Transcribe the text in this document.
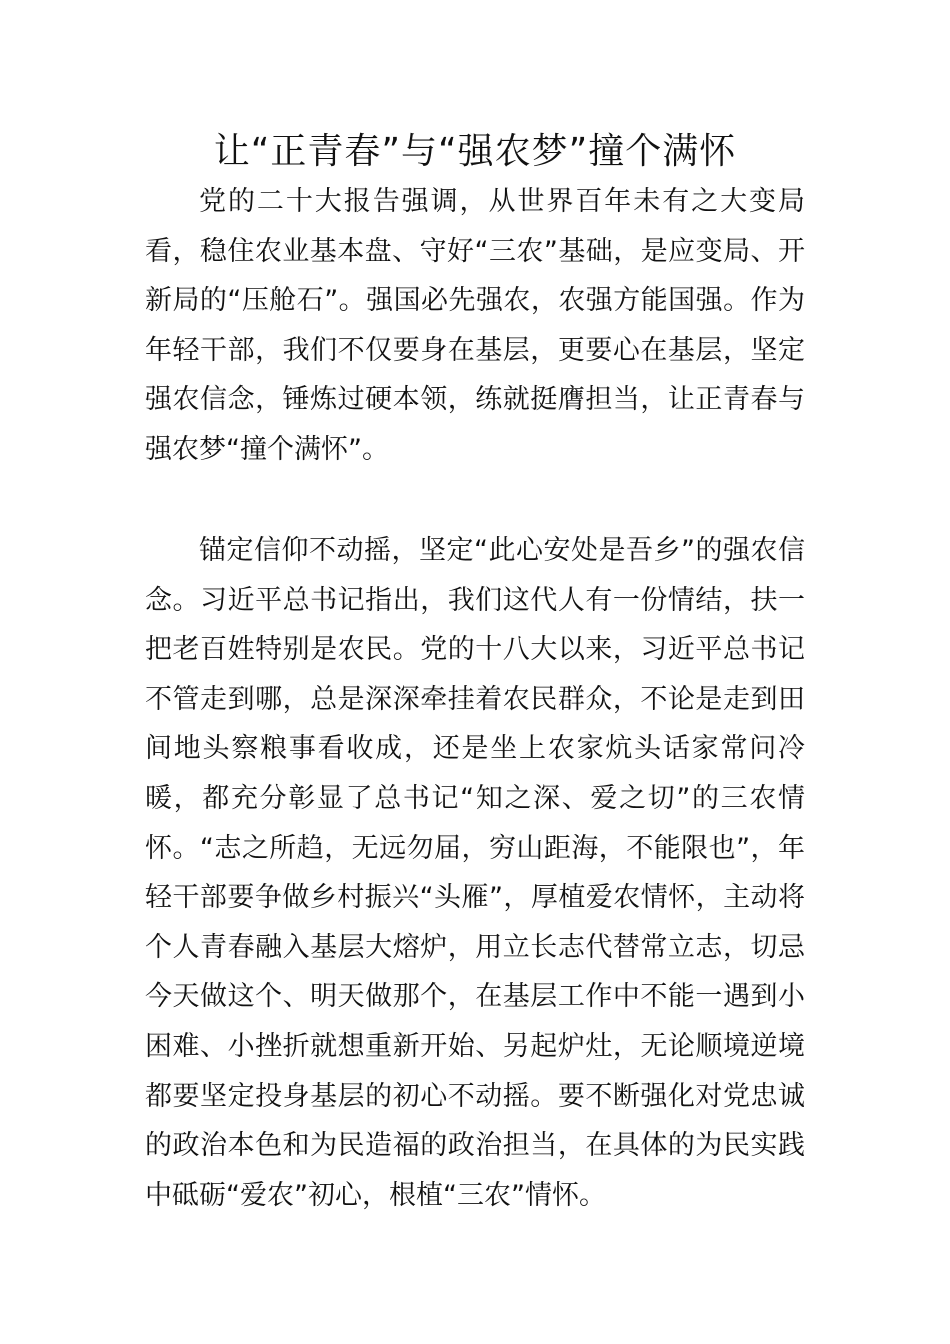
让“正青春”与“强农梦”撞个满怀

党的二十大报告强调，从世界百年未有之大变局看，稳住农业基本盘、守好“三农”基础，是应变局、开新局的“压舱石”。强国必先强农，农强方能国强。作为年轻干部，我们不仅要身在基层，更要心在基层，坚定强农信念，锤炼过硬本领，练就挺膺担当，让正青春与强农梦“撞个满怀”。

锚定信仰不动摇，坚定“此心安处是吾乡”的强农信念。习近平总书记指出，我们这代人有一份情结，扶一把老百姓特别是农民。党的十八大以来，习近平总书记不管走到哪，总是深深牵挂着农民群众，不论是走到田间地头察粮事看收成，还是坐上农家炕头话家常问冷暖，都充分彰显了总书记“知之深、爱之切”的三农情怀。“志之所趋，无远勿届，穷山距海，不能限也”，年轻干部要争做乡村振兴“头雁”，厚植爱农情怀，主动将个人青春融入基层大熔炉，用立长志代替常立志，切忌今天做这个、明天做那个，在基层工作中不能一遇到小困难、小挫折就想重新开始、另起炉灶，无论顺境逆境都要坚定投身基层的初心不动摇。要不断强化对党忠诚的政治本色和为民造福的政治担当，在具体的为民实践中砥砺“爱农”初心，根植“三农”情怀。
